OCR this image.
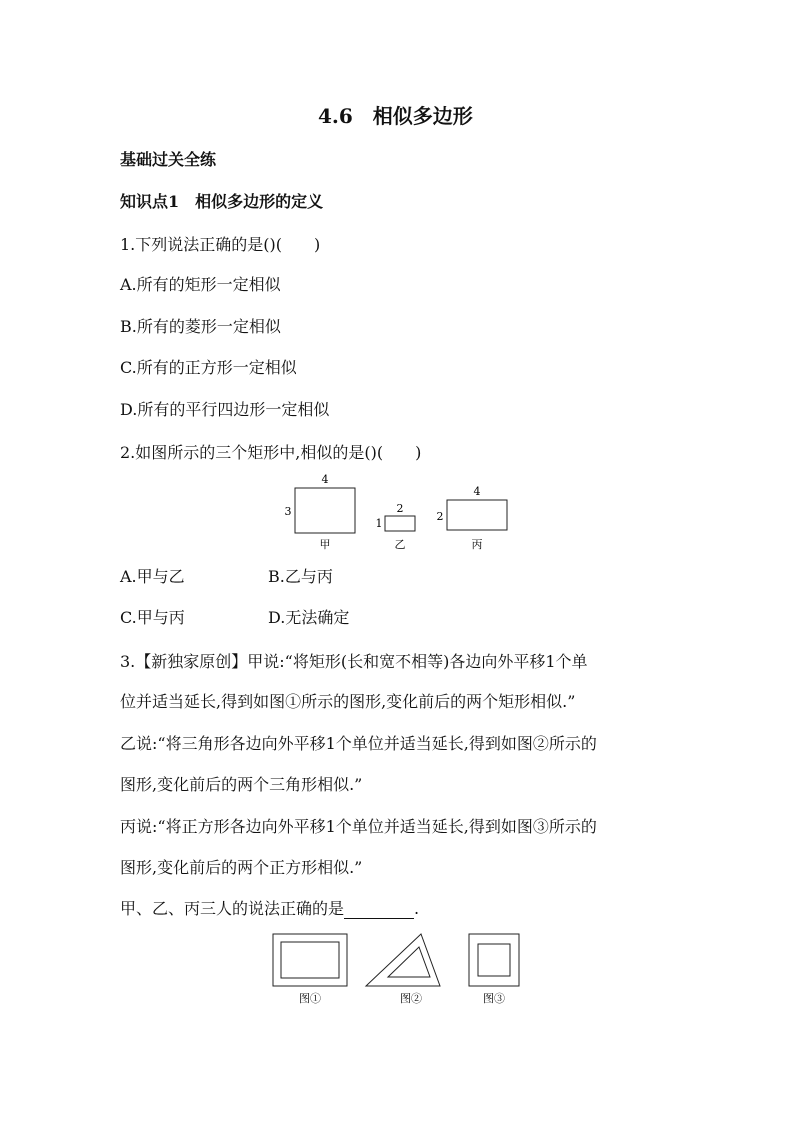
4.6　相似多边形
基础过关全练
知识点1　相似多边形的定义
1.下列说法正确的是()(　　)
A.所有的矩形一定相似
B.所有的菱形一定相似
C.所有的正方形一定相似
D.所有的平行四边形一定相似
2.如图所示的三个矩形中,相似的是()(　　)
4
3
甲
2
1
乙
4
2
丙
A.甲与乙	B.乙与丙
C.甲与丙	D.无法确定
3.【新独家原创】甲说:“将矩形(长和宽不相等)各边向外平移1个单
位并适当延长,得到如图①所示的图形,变化前后的两个矩形相似.”
乙说:“将三角形各边向外平移1个单位并适当延长,得到如图②所示的
图形,变化前后的两个三角形相似.”
丙说:“将正方形各边向外平移1个单位并适当延长,得到如图③所示的
图形,变化前后的两个正方形相似.”
甲、乙、丙三人的说法正确的是	.
图①	图②	图③
